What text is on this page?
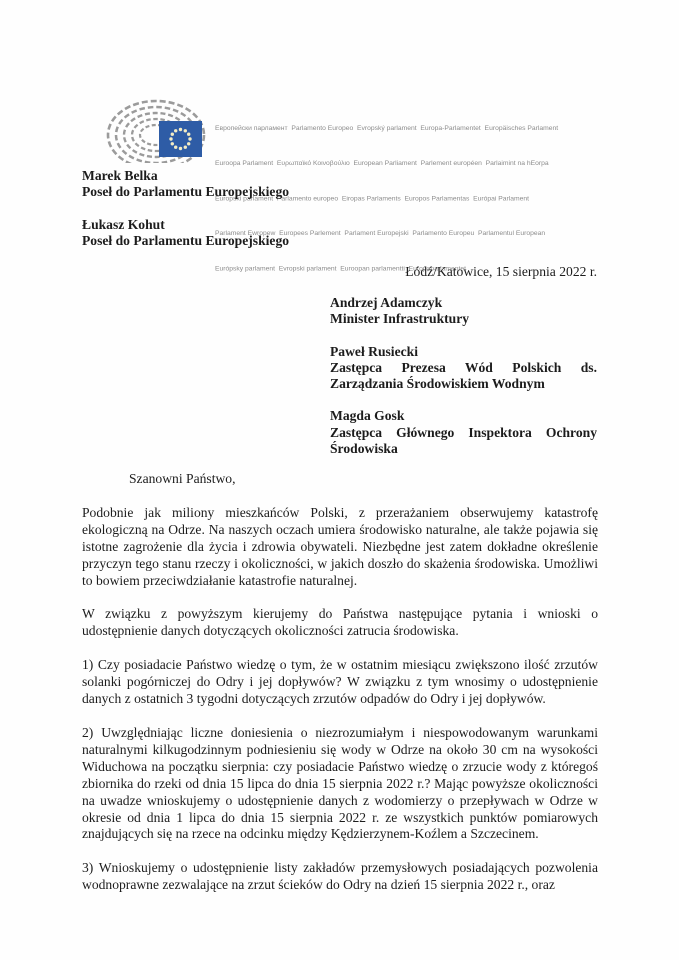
Европейски парламент  Parlamento Europeo  Evropský parlament  Europa-Parlamentet  Europäisches Parlament

Euroopa Parlament  Ευρωπαϊκό Κοινοβούλιο  European Parliament  Parlement européen  Parlaimint na hEorpa

Europski parlament  Parlamento europeo  Eiropas Parlaments  Europos Parlamentas  Európai Parlament

Parlament Ewropew  Europees Parlement  Parlament Europejski  Parlamento Europeu  Parlamentul European

Európsky parlament  Evropski parlament  Euroopan parlamentti  Europaparlamentet

Marek Belka
Poseł do Parlamentu Europejskiego
Łukasz Kohut
Poseł do Parlamentu Europejskiego
Łódź/Katowice, 15 sierpnia 2022 r.
Andrzej Adamczyk
Minister Infrastruktury
Paweł Rusiecki
Zastępca Prezesa Wód Polskich ds. Zarządzania Środowiskiem Wodnym
Magda Gosk
Zastępca Głównego Inspektora Ochrony Środowiska

Szanowni Państwo,

Podobnie jak miliony mieszkańców Polski, z przerażaniem obserwujemy katastrofę ekologiczną na Odrze. Na naszych oczach umiera środowisko naturalne, ale także pojawia się istotne zagrożenie dla życia i zdrowia obywateli. Niezbędne jest zatem dokładne określenie przyczyn tego stanu rzeczy i okoliczności, w jakich doszło do skażenia środowiska. Umożliwi to bowiem przeciwdziałanie katastrofie naturalnej.

W związku z powyższym kierujemy do Państwa następujące pytania i wnioski o udostępnienie danych dotyczących okoliczności zatrucia środowiska.

1) Czy posiadacie Państwo wiedzę o tym, że w ostatnim miesiącu zwiększono ilość zrzutów solanki pogórniczej do Odry i jej dopływów? W związku z tym wnosimy o udostępnienie danych z ostatnich 3 tygodni dotyczących zrzutów odpadów do Odry i jej dopływów.

2) Uwzględniając liczne doniesienia o niezrozumiałym i niespowodowanym warunkami naturalnymi kilkugodzinnym podniesieniu się wody w Odrze na około 30 cm na wysokości Widuchowa na początku sierpnia: czy posiadacie Państwo wiedzę o zrzucie wody z któregoś zbiornika do rzeki od dnia 15 lipca do dnia 15 sierpnia 2022 r.? Mając powyższe okoliczności na uwadze wnioskujemy o udostępnienie danych z wodomierzy o przepływach w Odrze w okresie od dnia 1 lipca do dnia 15 sierpnia 2022 r. ze wszystkich punktów pomiarowych znajdujących się na rzece na odcinku między Kędzierzynem-Koźlem a Szczecinem.

3) Wnioskujemy o udostępnienie listy zakładów przemysłowych posiadających pozwolenia wodnoprawne zezwalające na zrzut ścieków do Odry na dzień 15 sierpnia 2022 r., oraz
